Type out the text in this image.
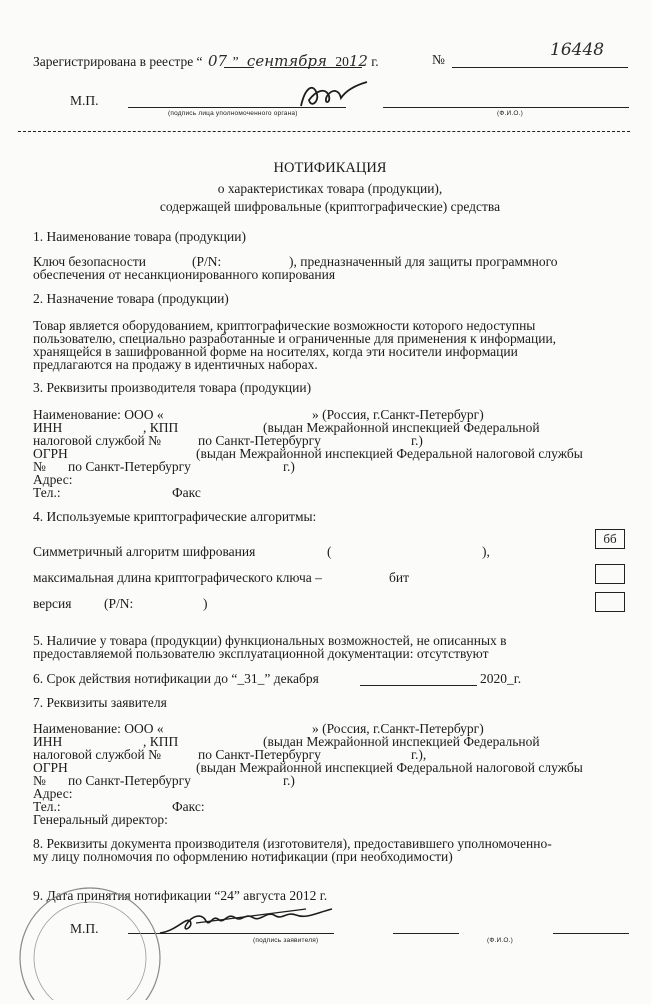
Зарегистрирована в реестре “ 07 ” сентября 2012 г.	№	16448
М.П.
(подпись лица уполномоченного органа)	(Ф.И.О.)
НОТИФИКАЦИЯ
о характеристиках товара (продукции),
содержащей шифровальные (криптографические) средства
1. Наименование товара (продукции)
Ключ безопасности	(P/N:	), предназначенный для защиты программного
обеспечения от несанкционированного копирования
2. Назначение товара (продукции)
Товар является оборудованием, криптографические возможности которого недоступны
пользователю, специально разработанные и ограниченные для применения к информации,
хранящейся в зашифрованной форме на носителях, когда эти носители информации
предлагаются на продажу в идентичных наборах.
3. Реквизиты производителя товара (продукции)
Наименование: ООО «	» (Россия, г.Санкт-Петербург)
ИНН	, КПП	(выдан Межрайонной инспекцией Федеральной
налоговой службой №	по Санкт-Петербургу	г.)
ОГРН	(выдан Межрайонной инспекцией Федеральной налоговой службы
№ по Санкт-Петербургу	г.)
Адрес:
Тел.:	Факс
4. Используемые криптографические алгоритмы:
Симметричный алгоритм шифрования	(	),
бб
максимальная длина криптографического ключа –	бит
версия (P/N:	)
5. Наличие у товара (продукции) функциональных возможностей, не описанных в
предоставляемой пользователю эксплуатационной документации: отсутствуют
6. Срок действия нотификации до “_31_” декабря	2020_г.
7. Реквизиты заявителя
Наименование: ООО «	» (Россия, г.Санкт-Петербург)
ИНН	, КПП	(выдан Межрайонной инспекцией Федеральной
налоговой службой №	по Санкт-Петербургу	г.),
ОГРН	(выдан Межрайонной инспекцией Федеральной налоговой службы
№ по Санкт-Петербургу	г.)
Адрес:
Тел.:	Факс:
Генеральный директор:
8. Реквизиты документа производителя (изготовителя), предоставившего уполномоченно-
му лицу полномочия по оформлению нотификации (при необходимости)
9. Дата принятия нотификации “24” августа 2012 г.
М.П.
(подпись заявителя)	(Ф.И.О.)
